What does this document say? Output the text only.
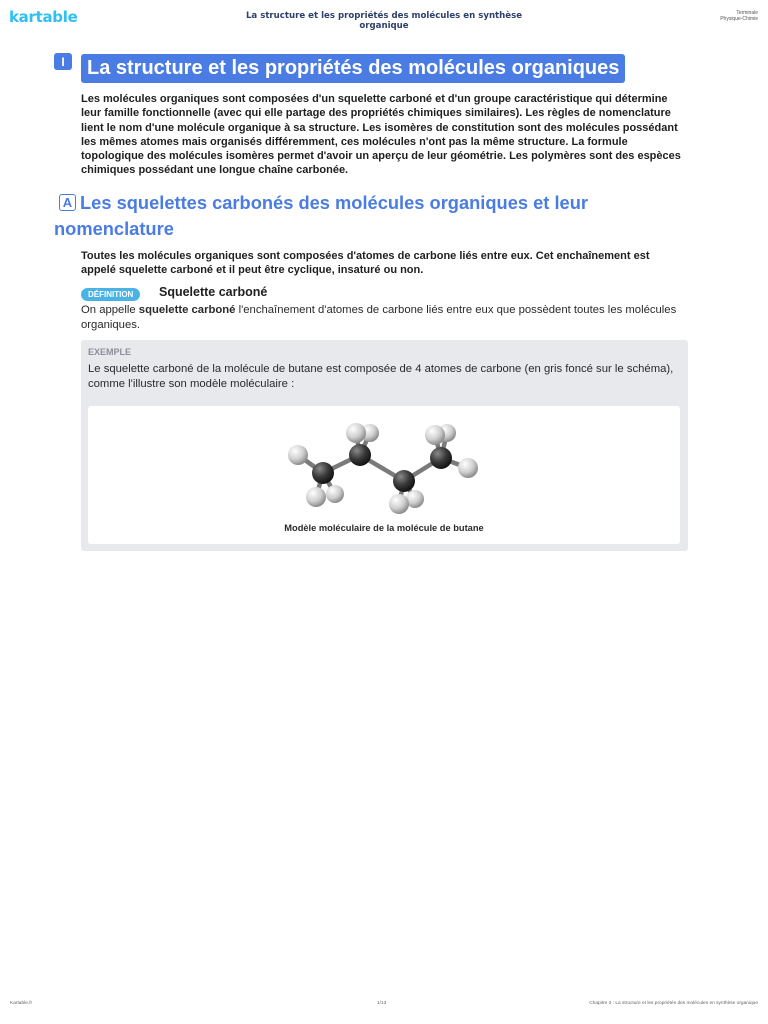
kartable	La structure et les propriétés des molécules en synthèse organique
Terminale
Physique-Chimie
I	La structure et les propriétés des molécules organiques
Les molécules organiques sont composées d'un squelette carboné et d'un groupe caractéristique qui détermine leur famille fonctionnelle (avec qui elle partage des propriétés chimiques similaires). Les règles de nomenclature lient le nom d'une molécule organique à sa structure. Les isomères de constitution sont des molécules possédant les mêmes atomes mais organisés différemment, ces molécules n'ont pas la même structure. La formule topologique des molécules isomères permet d'avoir un aperçu de leur géométrie. Les polymères sont des espèces chimiques possédant une longue chaîne carbonée.
A Les squelettes carbonés des molécules organiques et leur nomenclature
Toutes les molécules organiques sont composées d'atomes de carbone liés entre eux. Cet enchaînement est appelé squelette carboné et il peut être cyclique, insaturé ou non.
DÉFINITION	Squelette carboné
On appelle squelette carboné l'enchaînement d'atomes de carbone liés entre eux que possèdent toutes les molécules organiques.
EXEMPLE
Le squelette carboné de la molécule de butane est composée de 4 atomes de carbone (en gris foncé sur le schéma), comme l'illustre son modèle moléculaire :
Modèle moléculaire de la molécule de butane
Kartable.fr	1/13	Chapitre 3 : La structure et les propriétés des molécules en synthèse organique
